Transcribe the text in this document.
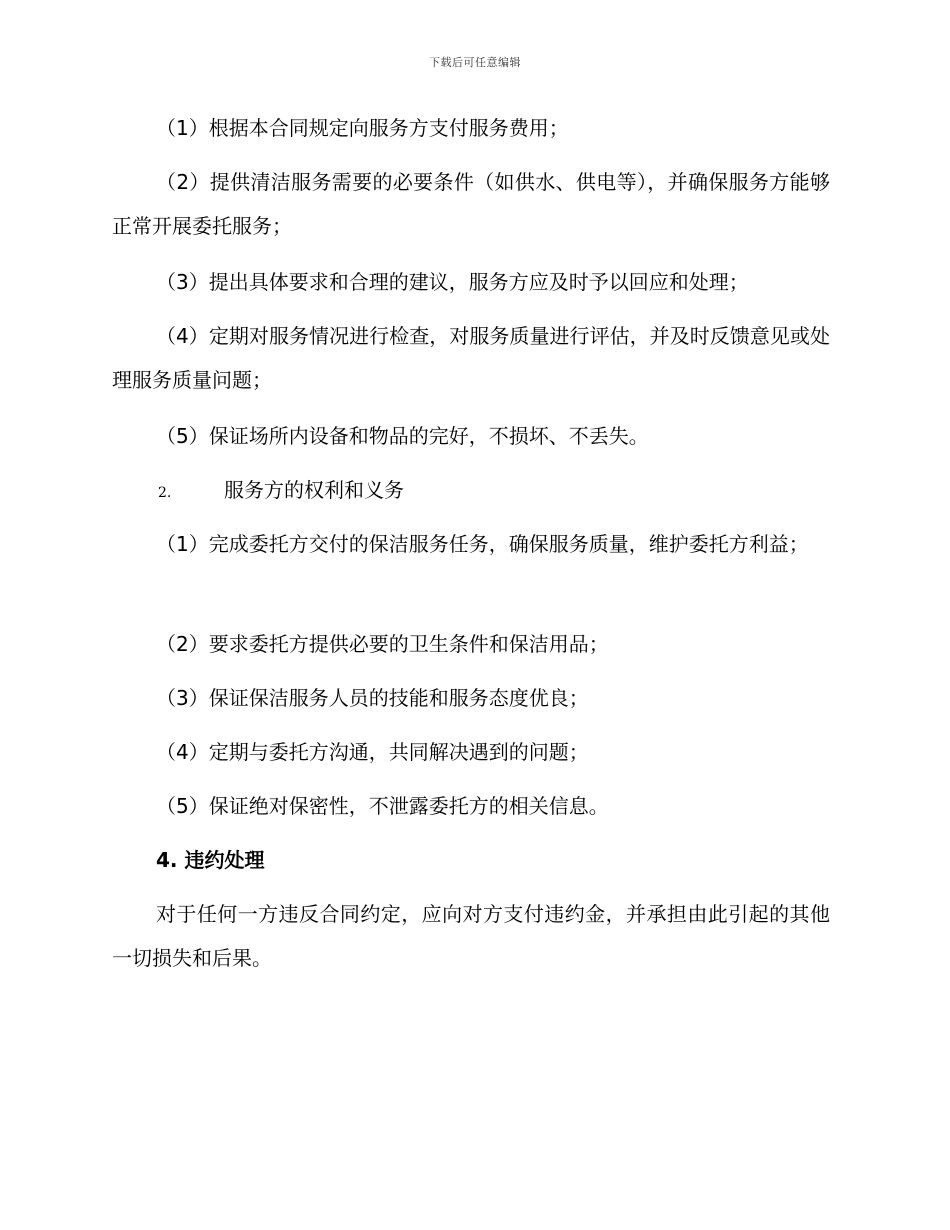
下载后可任意编辑
（1）根据本合同规定向服务方支付服务费用；
（2）提供清洁服务需要的必要条件（如供水、供电等），并确保服务方能够正常开展委托服务；
（3）提出具体要求和合理的建议，服务方应及时予以回应和处理；
（4）定期对服务情况进行检查，对服务质量进行评估，并及时反馈意见或处理服务质量问题；
（5）保证场所内设备和物品的完好，不损坏、不丢失。
2.	服务方的权利和义务
（1）完成委托方交付的保洁服务任务，确保服务质量，维护委托方利益；
（2）要求委托方提供必要的卫生条件和保洁用品；
（3）保证保洁服务人员的技能和服务态度优良；
（4）定期与委托方沟通，共同解决遇到的问题；
（5）保证绝对保密性，不泄露委托方的相关信息。
4. 违约处理
对于任何一方违反合同约定，应向对方支付违约金，并承担由此引起的其他一切损失和后果。
